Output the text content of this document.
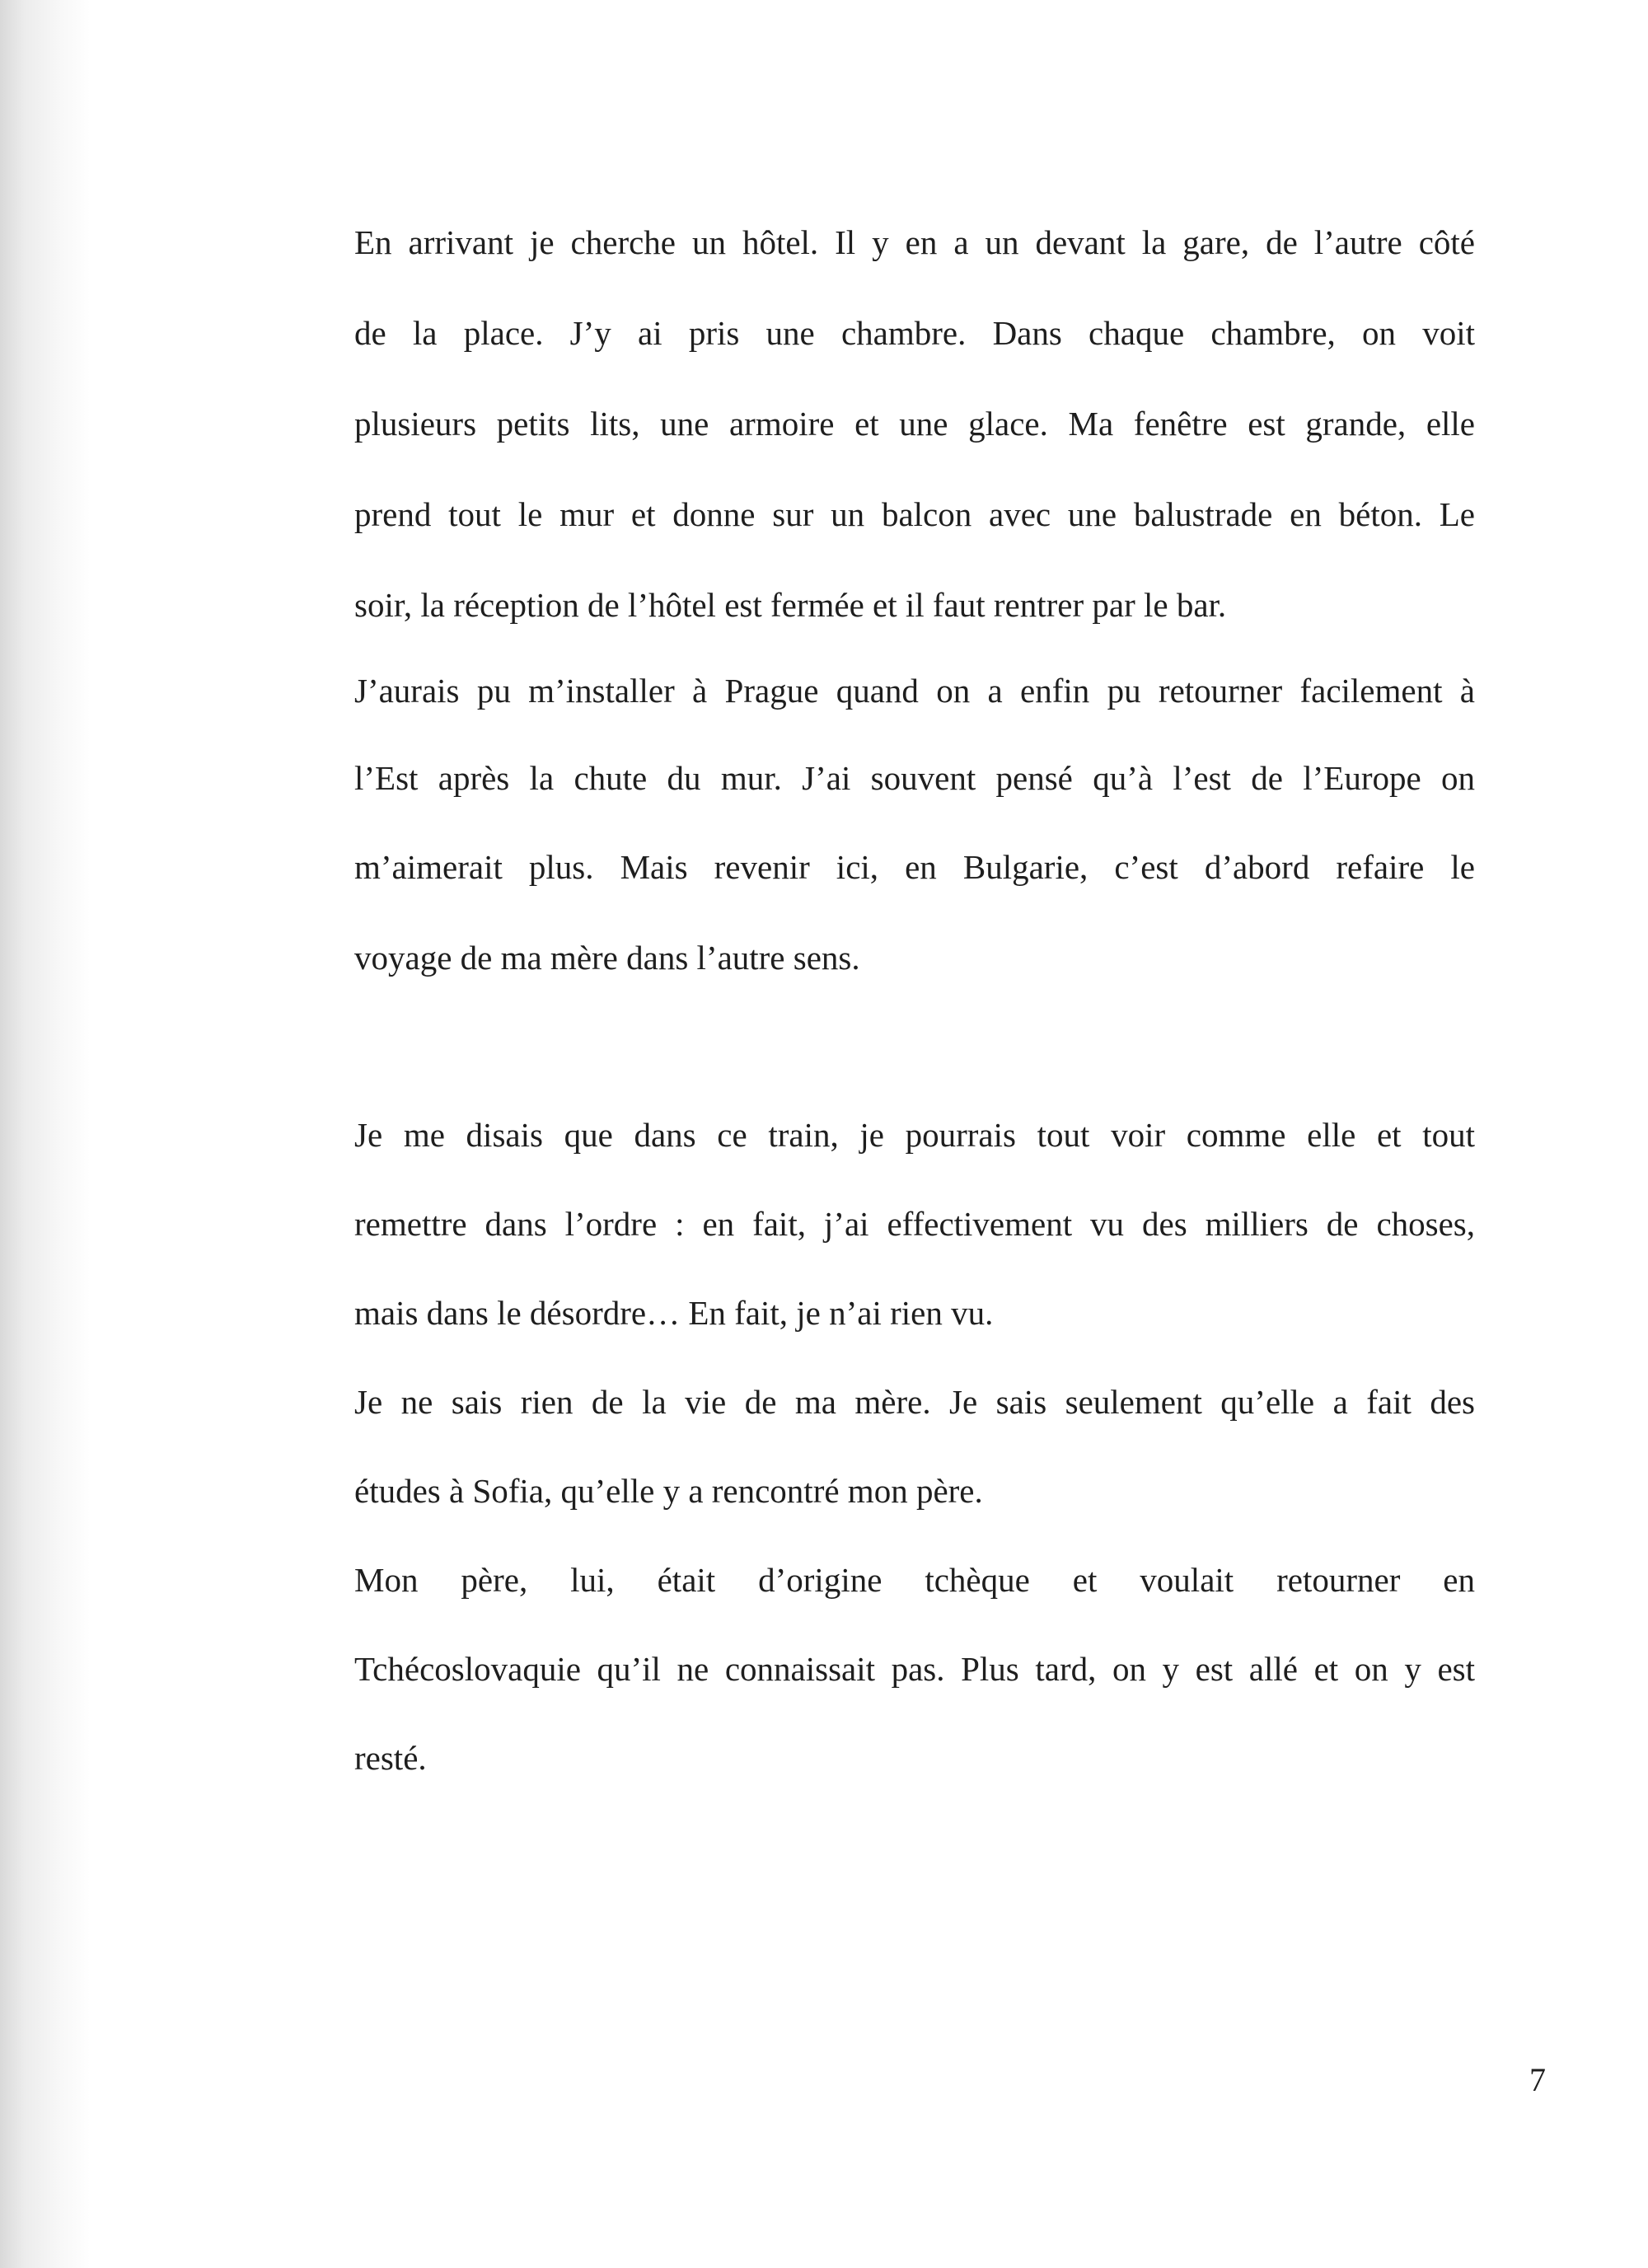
En arrivant je cherche un hôtel. Il y en a un devant la gare, de l’autre côté
de la place. J’y ai pris une chambre. Dans chaque chambre, on voit
plusieurs petits lits, une armoire et une glace. Ma fenêtre est grande, elle
prend tout le mur et donne sur un balcon avec une balustrade en béton. Le
soir, la réception de l’hôtel est fermée et il faut rentrer par le bar.
J’aurais pu m’installer à Prague quand on a enfin pu retourner facilement à
l’Est après la chute du mur. J’ai souvent pensé qu’à l’est de l’Europe on
m’aimerait plus. Mais revenir ici, en Bulgarie, c’est d’abord refaire le
voyage de ma mère dans l’autre sens.
Je me disais que dans ce train, je pourrais tout voir comme elle et tout
remettre dans l’ordre : en fait, j’ai effectivement vu des milliers de choses,
mais dans le désordre… En fait, je n’ai rien vu.
Je ne sais rien de la vie de ma mère. Je sais seulement qu’elle a fait des
études à Sofia, qu’elle y a rencontré mon père.
Mon père, lui, était d’origine tchèque et voulait retourner en
Tchécoslovaquie qu’il ne connaissait pas. Plus tard, on y est allé et on y est
resté.
7
